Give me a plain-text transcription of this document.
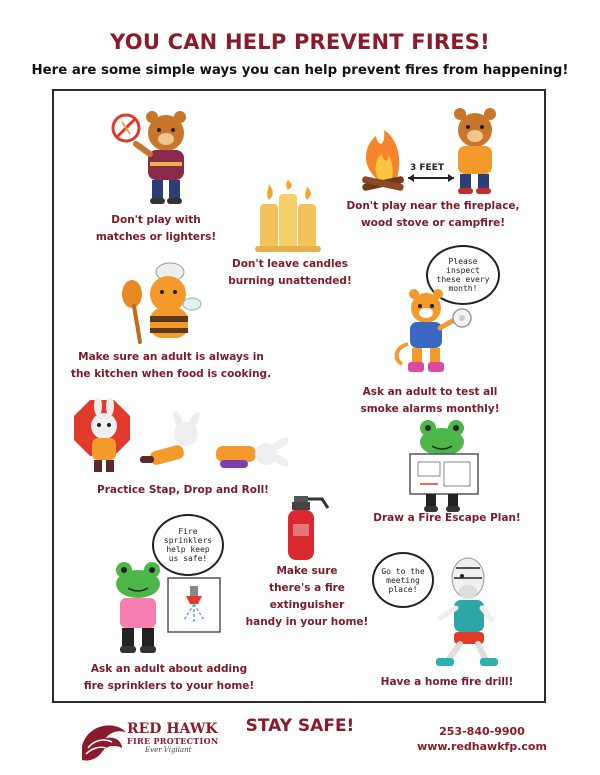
YOU CAN HELP PREVENT FIRES!
Here are some simple ways you can help prevent fires from happening!
Don't play with
matches or lighters!
3 FEET
Don't play near the fireplace,
wood stove or campfire!
Don't leave candles
burning unattended!
Make sure an adult is always in
the kitchen when food is cooking.
Please
inspect
these every
month!
Ask an adult to test all
smoke alarms monthly!
Practice Stap, Drop and Roll!
Draw a Fire Escape Plan!
Make sure
there's a fire
extinguisher
handy in your home!
Fire
sprinklers
help keep
us safe!
Ask an adult about adding
fire sprinklers to your home!
Go to the
meeting
place!
Have a home fire drill!
RED HAWK
FIRE PROTECTION
Ever Vigilant
STAY SAFE!	253-840-9900
www.redhawkfp.com
